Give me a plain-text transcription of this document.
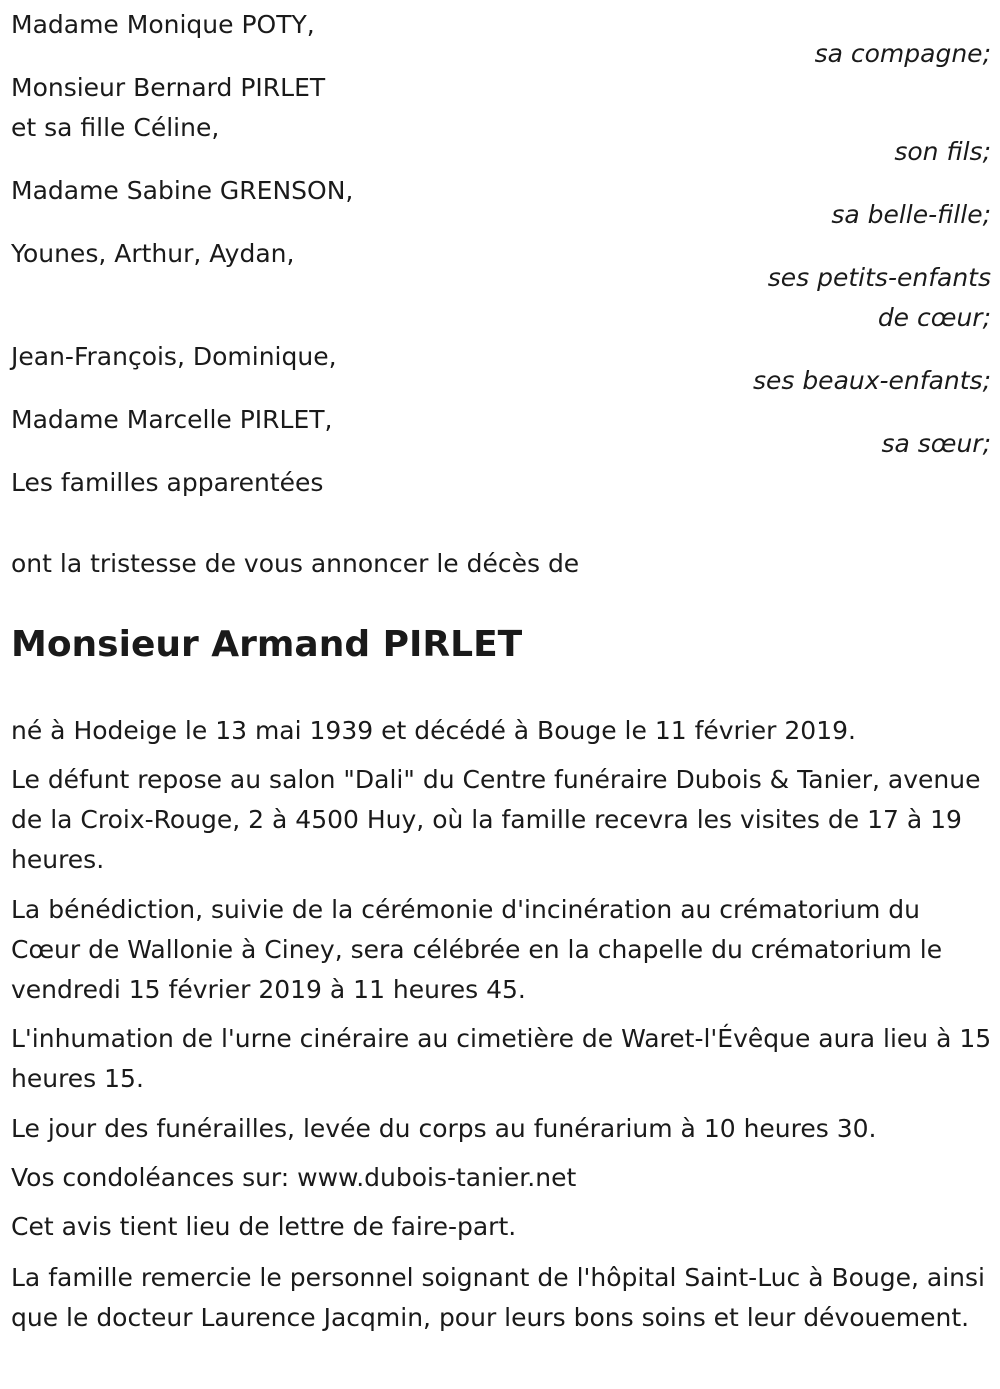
Madame Monique POTY,
sa compagne;
Monsieur Bernard PIRLET
et sa fille Céline,
son fils;
Madame Sabine GRENSON,
sa belle-fille;
Younes, Arthur, Aydan,
ses petits-enfants
de cœur;
Jean-François, Dominique,
ses beaux-enfants;
Madame Marcelle PIRLET,
sa sœur;
Les familles apparentées
ont la tristesse de vous annoncer le décès de
Monsieur Armand PIRLET

né à Hodeige le 13 mai 1939 et décédé à Bouge le 11 février 2019.

Le défunt repose au salon "Dali" du Centre funéraire Dubois & Tanier, avenue de la Croix-Rouge, 2 à 4500 Huy, où la famille recevra les visites de 17 à 19 heures.

La bénédiction, suivie de la cérémonie d'incinération au crématorium du Cœur de Wallonie à Ciney, sera célébrée en la chapelle du crématorium le vendredi 15 février 2019 à 11 heures 45.

L'inhumation de l'urne cinéraire au cimetière de Waret-l'Évêque aura lieu à 15 heures 15.

Le jour des funérailles, levée du corps au funérarium à 10 heures 30.

Vos condoléances sur: www.dubois-tanier.net

Cet avis tient lieu de lettre de faire-part.

La famille remercie le personnel soignant de l'hôpital Saint-Luc à Bouge, ainsi que le docteur Laurence Jacqmin, pour leurs bons soins et leur dévouement.
